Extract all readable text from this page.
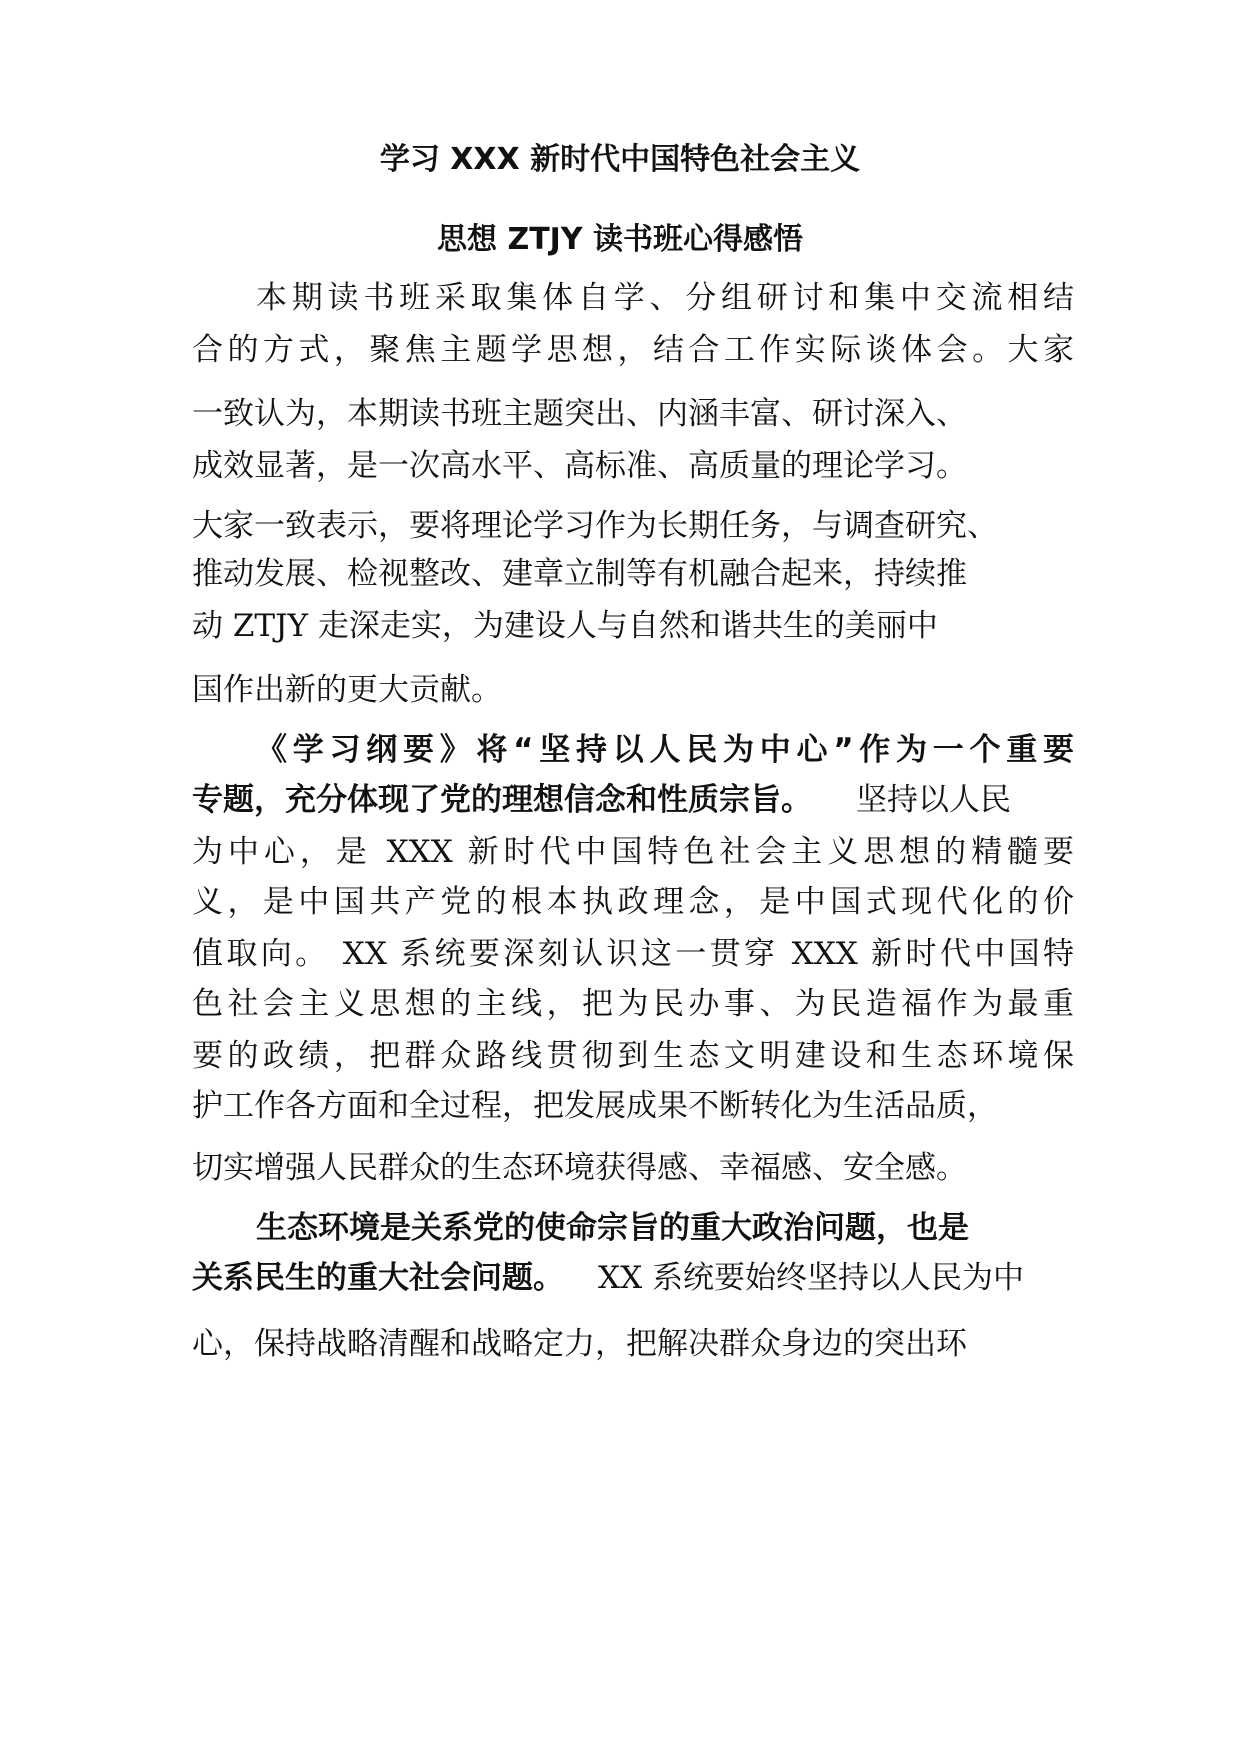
学习 XXX 新时代中国特色社会主义
思想 ZTJY 读书班心得感悟
本期读书班采取集体自学、分组研讨和集中交流相结
合的方式，聚焦主题学思想，结合工作实际谈体会。大家
一致认为，本期读书班主题突出、内涵丰富、研讨深入、
成效显著，是一次高水平、高标准、高质量的理论学习。
大家一致表示，要将理论学习作为长期任务，与调查研究、
推动发展、检视整改、建章立制等有机融合起来，持续推
动 ZTJY 走深走实，为建设人与自然和谐共生的美丽中
国作出新的更大贡献。
《学习纲要》将“坚持以人民为中心”作为一个重要
专题，充分体现了党的理想信念和性质宗旨。 坚持以人民
为中心，是 XXX 新时代中国特色社会主义思想的精髓要
义，是中国共产党的根本执政理念，是中国式现代化的价
值取向。 XX 系统要深刻认识这一贯穿 XXX 新时代中国特
色社会主义思想的主线，把为民办事、为民造福作为最重
要的政绩，把群众路线贯彻到生态文明建设和生态环境保
护工作各方面和全过程，把发展成果不断转化为生活品质，
切实增强人民群众的生态环境获得感、幸福感、安全感。
生态环境是关系党的使命宗旨的重大政治问题，也是
关系民生的重大社会问题。 XX 系统要始终坚持以人民为中
心，保持战略清醒和战略定力，把解决群众身边的突出环
